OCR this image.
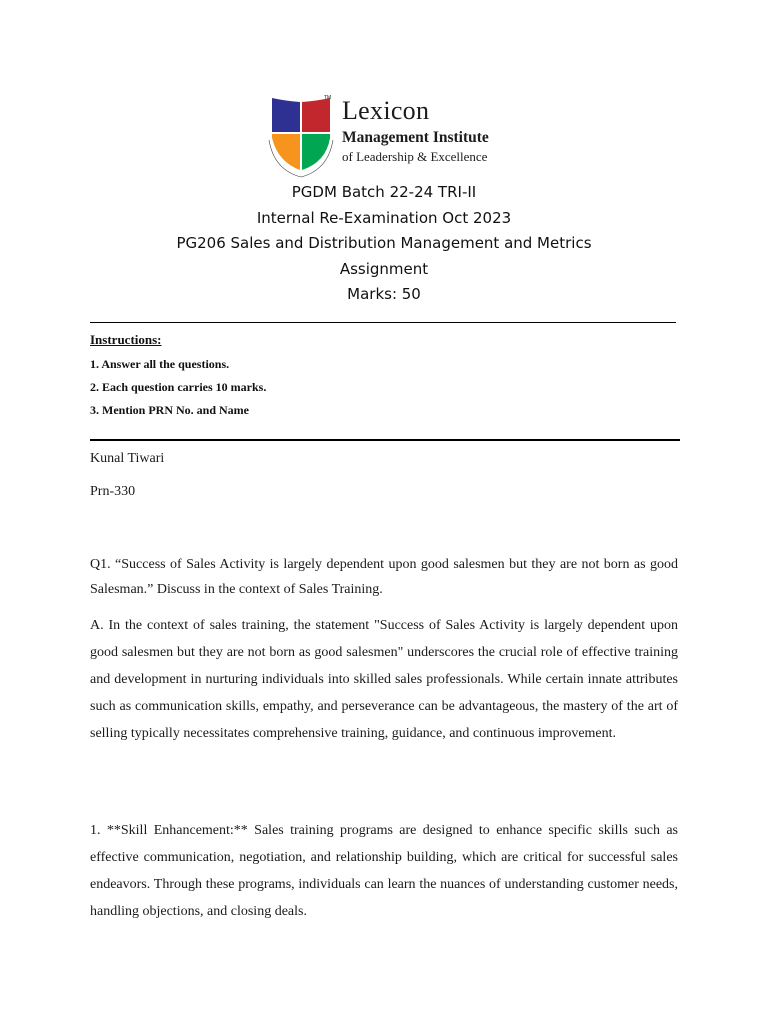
TM Lexicon
Management Institute
of Leadership & Excellence
PGDM Batch 22-24 TRI-II
Internal Re-Examination Oct 2023
PG206 Sales and Distribution Management and Metrics
Assignment
Marks: 50
Instructions:
1. Answer all the questions.
2. Each question carries 10 marks.
3. Mention PRN No. and Name
Kunal Tiwari
Prn-330
Q1. “Success of Sales Activity is largely dependent upon good salesmen but they are not born as good Salesman.” Discuss in the context of Sales Training.
A. In the context of sales training, the statement "Success of Sales Activity is largely dependent upon good salesmen but they are not born as good salesmen" underscores the crucial role of effective training and development in nurturing individuals into skilled sales professionals. While certain innate attributes such as communication skills, empathy, and perseverance can be advantageous, the mastery of the art of selling typically necessitates comprehensive training, guidance, and continuous improvement.
1. **Skill Enhancement:** Sales training programs are designed to enhance specific skills such as effective communication, negotiation, and relationship building, which are critical for successful sales endeavors. Through these programs, individuals can learn the nuances of understanding customer needs, handling objections, and closing deals.
